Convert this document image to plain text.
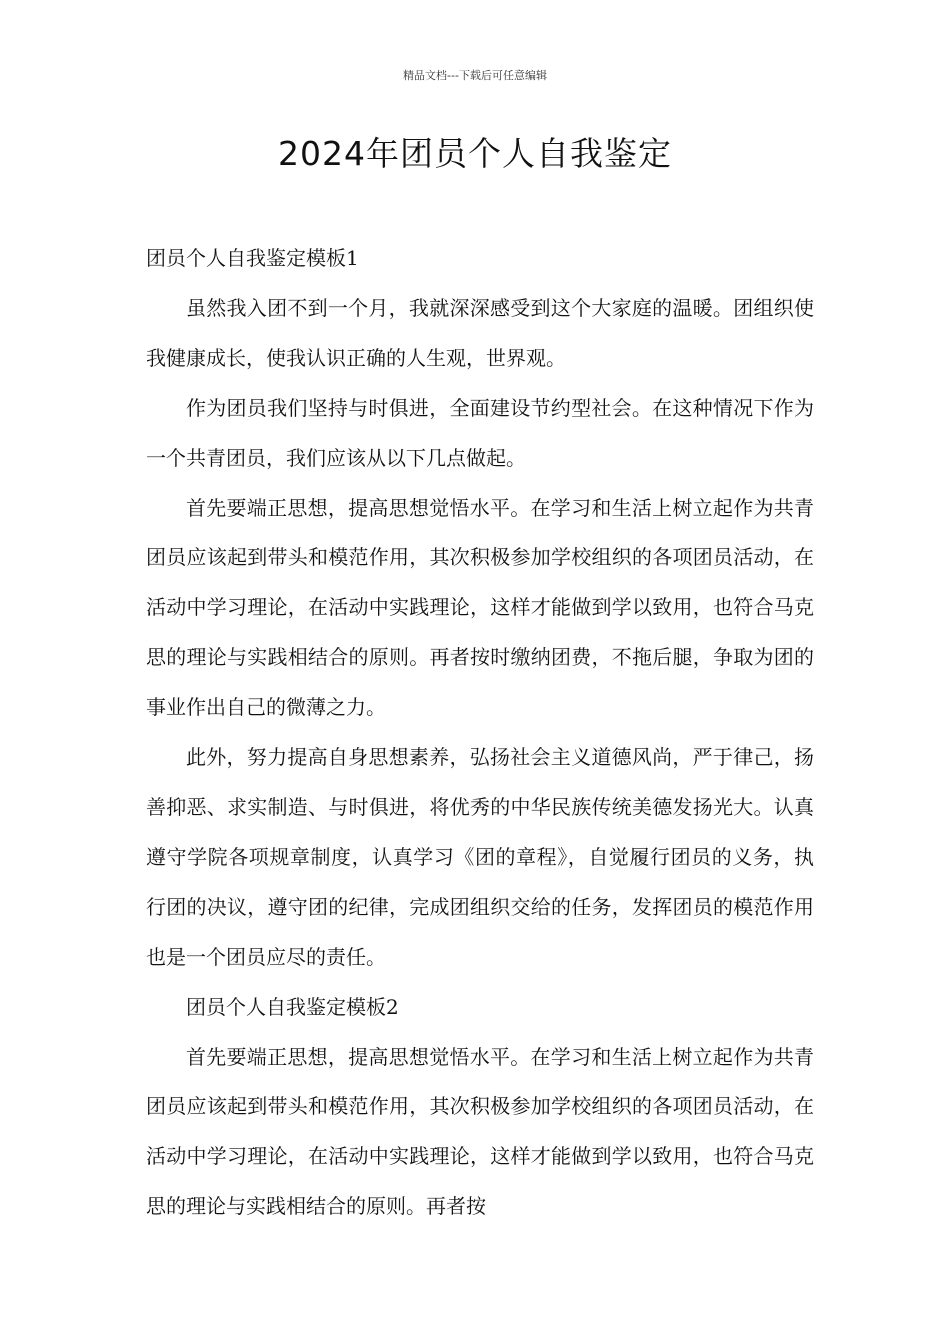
精品文档---下载后可任意编辑
2024年团员个人自我鉴定

团员个人自我鉴定模板1

虽然我入团不到一个月，我就深深感受到这个大家庭的温暖。团组织使我健康成长，使我认识正确的人生观，世界观。

作为团员我们坚持与时俱进，全面建设节约型社会。在这种情况下作为一个共青团员，我们应该从以下几点做起。

首先要端正思想，提高思想觉悟水平。在学习和生活上树立起作为共青团员应该起到带头和模范作用，其次积极参加学校组织的各项团员活动，在活动中学习理论，在活动中实践理论，这样才能做到学以致用，也符合马克思的理论与实践相结合的原则。再者按时缴纳团费，不拖后腿，争取为团的事业作出自己的微薄之力。

此外，努力提高自身思想素养，弘扬社会主义道德风尚，严于律己，扬善抑恶、求实制造、与时俱进，将优秀的中华民族传统美德发扬光大。认真遵守学院各项规章制度，认真学习《团的章程》，自觉履行团员的义务，执行团的决议，遵守团的纪律，完成团组织交给的任务，发挥团员的模范作用也是一个团员应尽的责任。

团员个人自我鉴定模板2

首先要端正思想，提高思想觉悟水平。在学习和生活上树立起作为共青团员应该起到带头和模范作用，其次积极参加学校组织的各项团员活动，在活动中学习理论，在活动中实践理论，这样才能做到学以致用，也符合马克思的理论与实践相结合的原则。再者按
